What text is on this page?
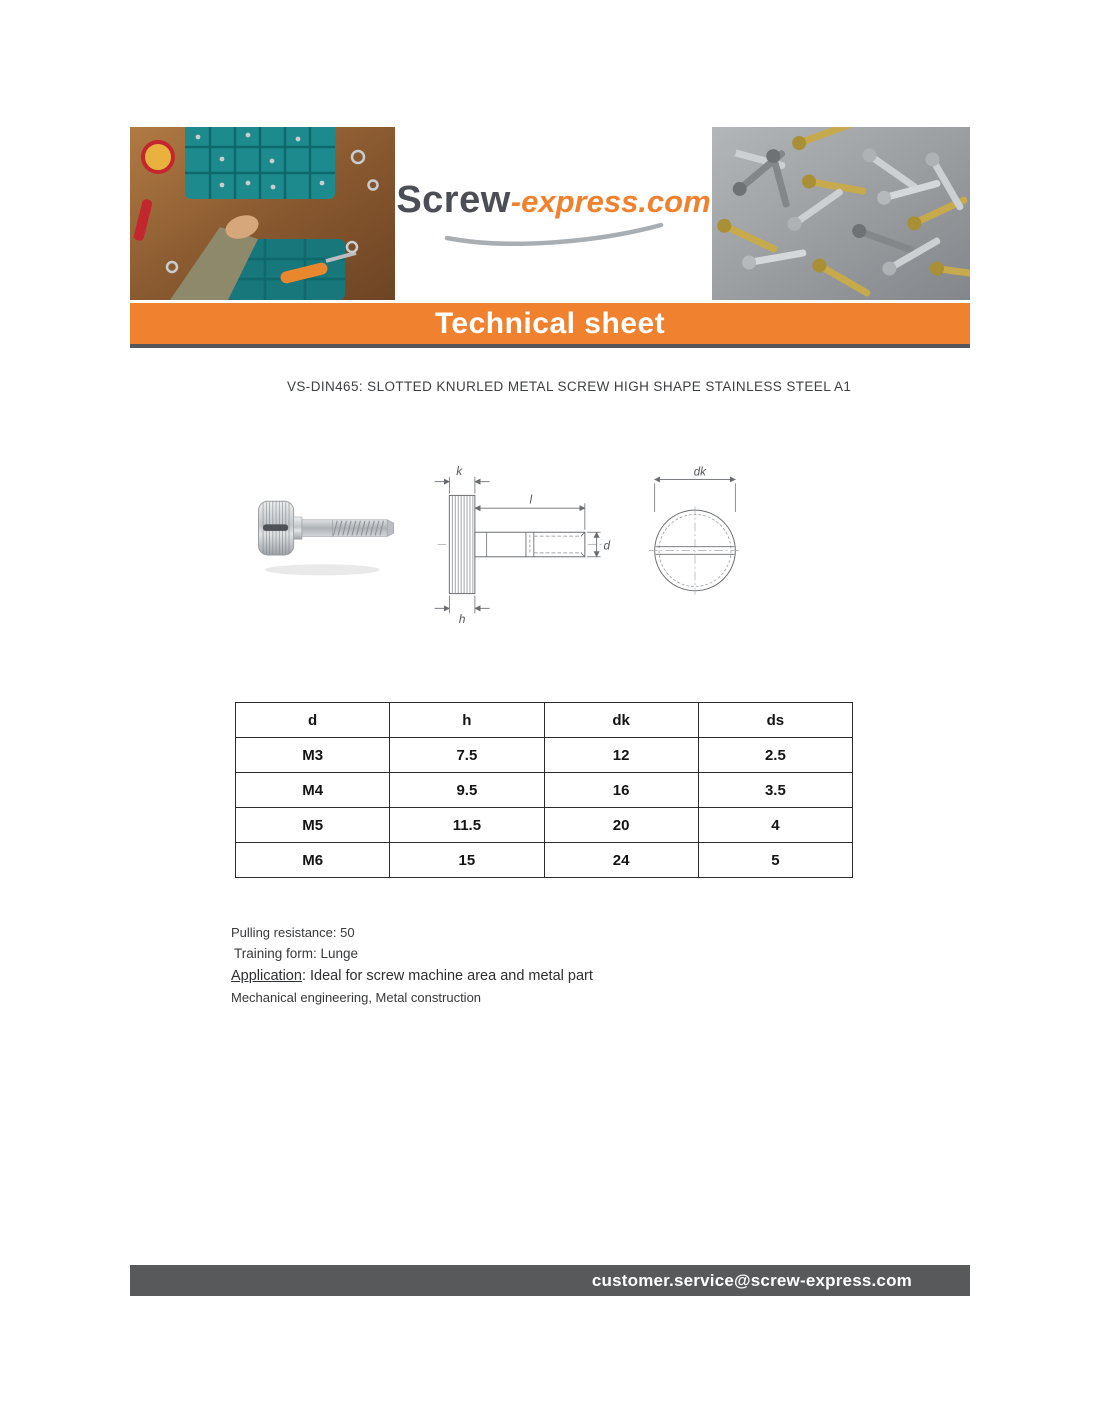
Screw-express.com
Technical sheet
VS-DIN465: SLOTTED KNURLED METAL SCREW HIGH SHAPE STAINLESS STEEL A1
k
l
d
h
dk
d	h	dk	ds
M3	7.5	12	2.5
M4	9.5	16	3.5
M5	11.5	20	4
M6	15	24	5
Pulling resistance: 50
Training form: Lunge
Application: Ideal for screw machine area and metal part
Mechanical engineering, Metal construction
customer.service@screw-express.com
